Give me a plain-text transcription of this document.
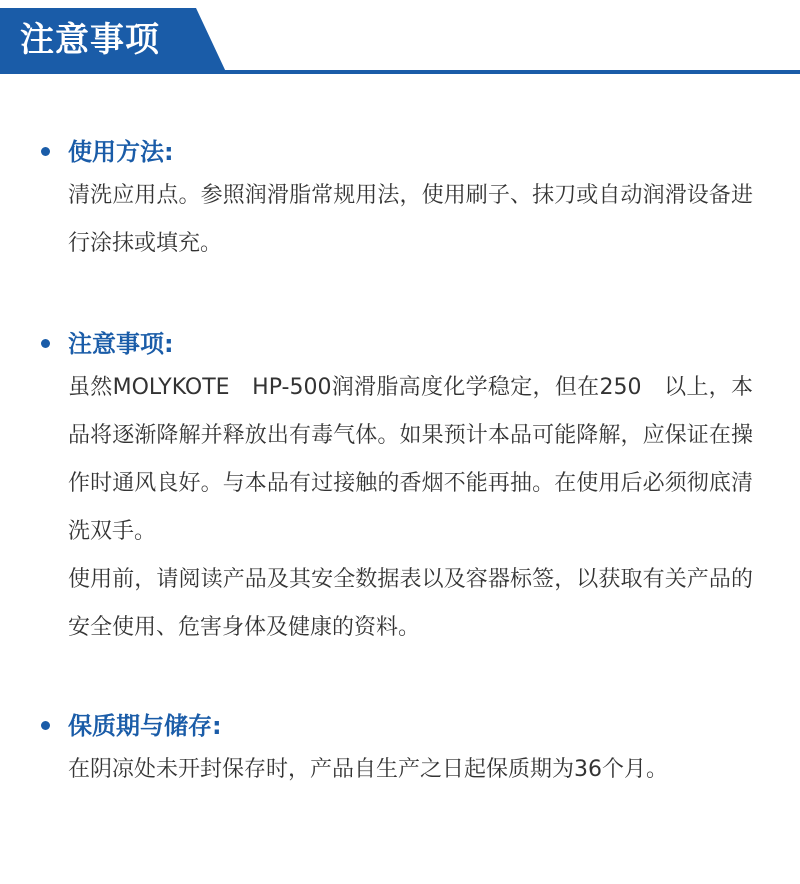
注意事项
使用方法:

清洗应用点。参照润滑脂常规用法，使用刷子、抹刀或自动润滑设备进行涂抹或填充。

注意事项:

虽然MOLYKOTE　HP-500润滑脂高度化学稳定，但在250　以上，本品将逐渐降解并释放出有毒气体。如果预计本品可能降解，应保证在操作时通风良好。与本品有过接触的香烟不能再抽。在使用后必须彻底清洗双手。

使用前，请阅读产品及其安全数据表以及容器标签，以获取有关产品的安全使用、危害身体及健康的资料。

保质期与储存:

在阴凉处未开封保存时，产品自生产之日起保质期为36个月。
